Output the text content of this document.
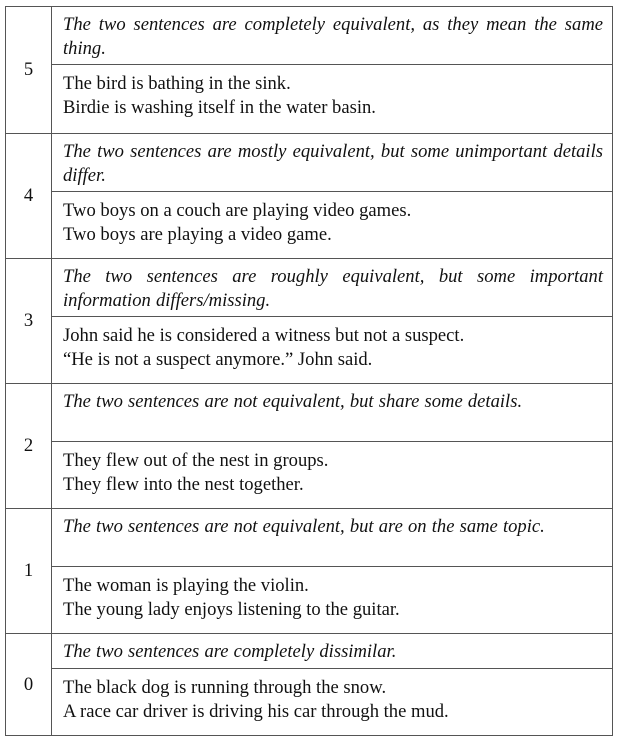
5
The two sentences are completely equivalent, as they mean the same thing.
The bird is bathing in the sink.
Birdie is washing itself in the water basin.
4
The two sentences are mostly equivalent, but some unimportant details differ.
Two boys on a couch are playing video games.
Two boys are playing a video game.
3
The two sentences are roughly equivalent, but some important information differs/missing.
John said he is considered a witness but not a suspect.
“He is not a suspect anymore.” John said.
2
The two sentences are not equivalent, but share some details.
They flew out of the nest in groups.
They flew into the nest together.
1
The two sentences are not equivalent, but are on the same topic.
The woman is playing the violin.
The young lady enjoys listening to the guitar.
0
The two sentences are completely dissimilar.
The black dog is running through the snow.
A race car driver is driving his car through the mud.
